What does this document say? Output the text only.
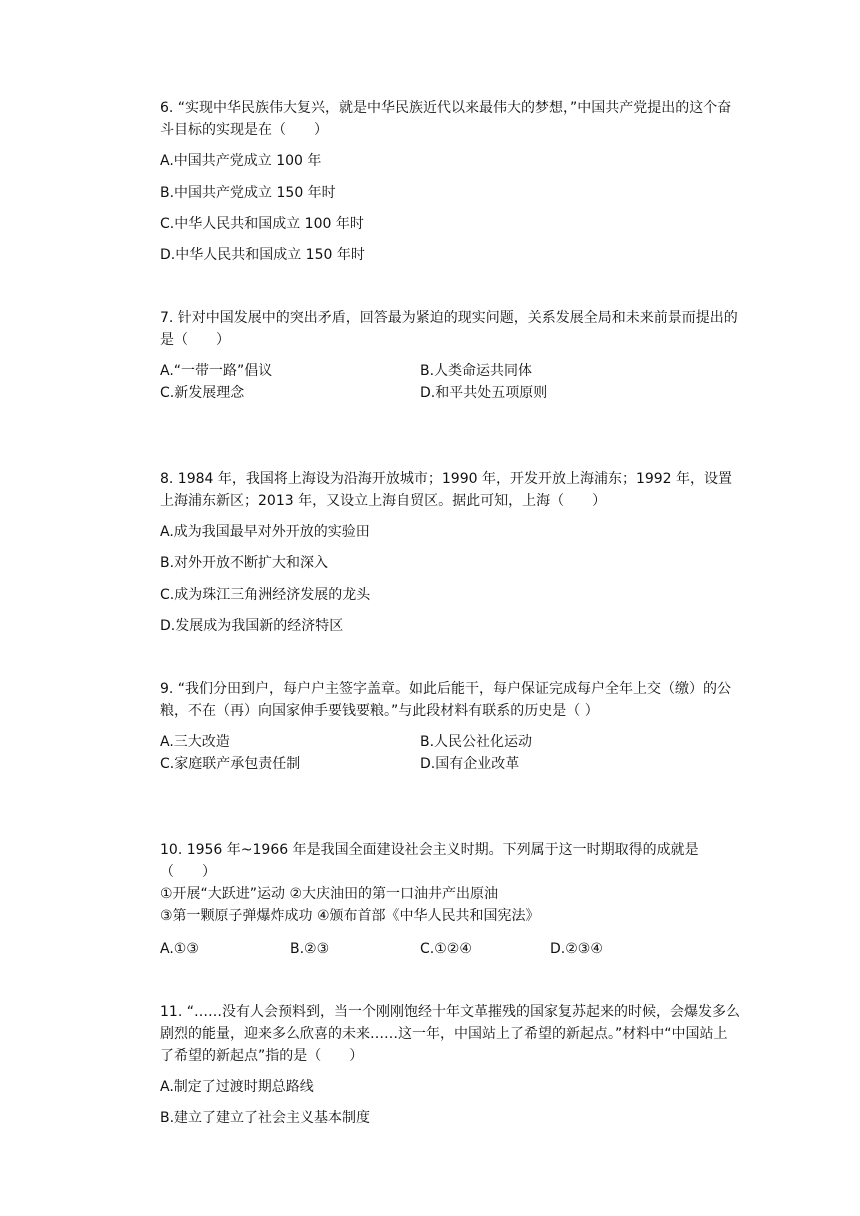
6. “实现中华民族伟大复兴，就是中华民族近代以来最伟大的梦想，”中国共产党提出的这个奋斗目标的实现是在（　　）

A.中国共产党成立 100 年
B.中国共产党成立 150 年时
C.中华人民共和国成立 100 年时
D.中华人民共和国成立 150 年时

7. 针对中国发展中的突出矛盾，回答最为紧迫的现实问题，关系发展全局和未来前景而提出的是（　　）

A.“一带一路”倡议	B.人类命运共同体
C.新发展理念	D.和平共处五项原则

8. 1984 年，我国将上海设为沿海开放城市；1990 年，开发开放上海浦东；1992 年，设置上海浦东新区；2013 年，又设立上海自贸区。据此可知，上海（　　）

A.成为我国最早对外开放的实验田
B.对外开放不断扩大和深入
C.成为珠江三角洲经济发展的龙头
D.发展成为我国新的经济特区

9. “我们分田到户，每户户主签字盖章。如此后能干，每户保证完成每户全年上交（缴）的公粮，不在（再）向国家伸手要钱要粮。”与此段材料有联系的历史是（ ）

A.三大改造	B.人民公社化运动
C.家庭联产承包责任制	D.国有企业改革

10. 1956 年~1966 年是我国全面建设社会主义时期。下列属于这一时期取得的成就是（　　）

①开展“大跃进”运动 ②大庆油田的第一口油井产出原油
③第一颗原子弹爆炸成功 ④颁布首部《中华人民共和国宪法》
A.①③	B.②③	C.①②④	D.②③④

11. “……没有人会预料到，当一个刚刚饱经十年文革摧残的国家复苏起来的时候，会爆发多么剧烈的能量，迎来多么欣喜的未来……这一年，中国站上了希望的新起点。”材料中“中国站上了希望的新起点”指的是（　　）

A.制定了过渡时期总路线
B.建立了建立了社会主义基本制度
